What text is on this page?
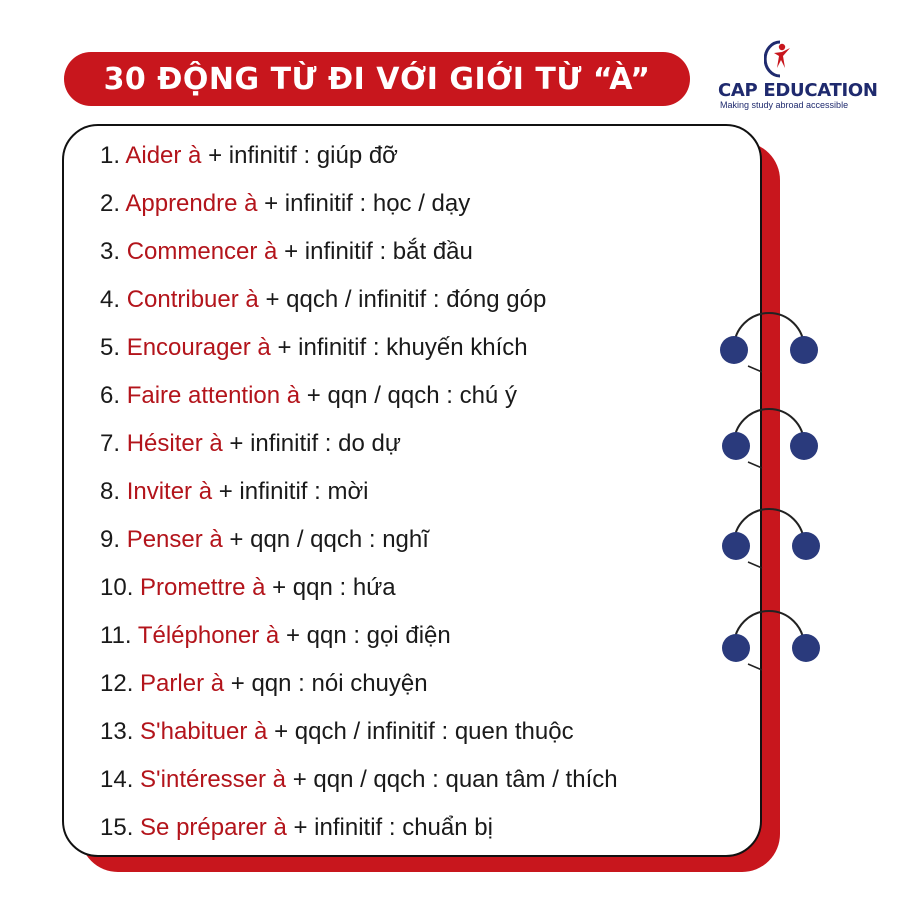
30 ĐỘNG TỪ ĐI VỚI GIỚI TỪ “À”	CAP EDUCATION
Making study abroad accessible
1. Aider à + infinitif : giúp đỡ
2. Apprendre à + infinitif : học / dạy
3. Commencer à + infinitif : bắt đầu
4. Contribuer à + qqch / infinitif : đóng góp
5. Encourager à + infinitif : khuyến khích
6. Faire attention à + qqn / qqch : chú ý
7. Hésiter à + infinitif : do dự
8. Inviter à + infinitif : mời
9. Penser à + qqn / qqch : nghĩ
10. Promettre à + qqn : hứa
11. Téléphoner à + qqn : gọi điện
12. Parler à + qqn : nói chuyện
13. S'habituer à + qqch / infinitif : quen thuộc
14. S'intéresser à + qqn / qqch : quan tâm / thích
15. Se préparer à + infinitif : chuẩn bị
